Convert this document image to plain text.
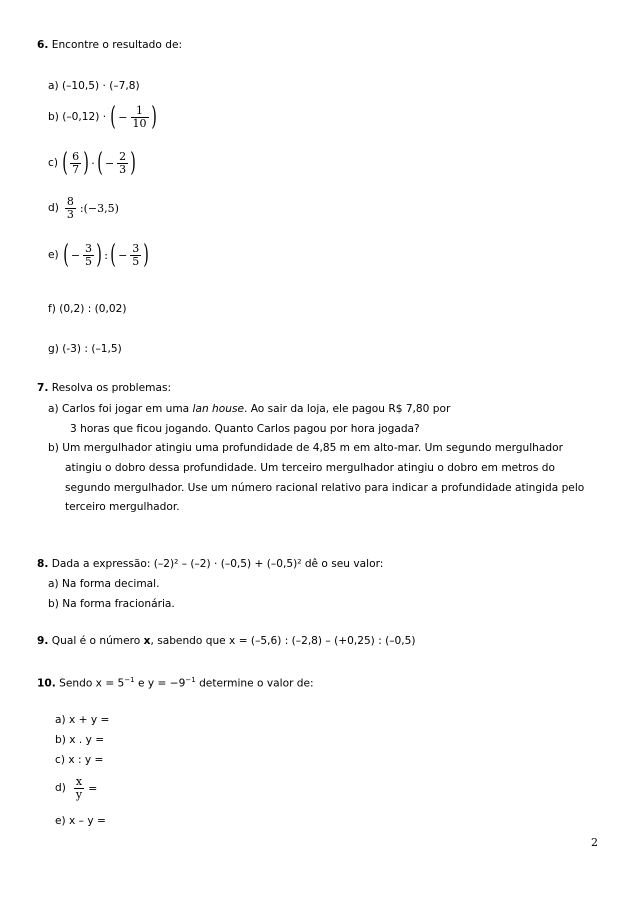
6. Encontre o resultado de:
a) (–10,5) · (–7,8)
b) (–0,12) · ( − $\frac{1}{10}$ )
c) ( $\frac{6}{7}$ ) · ( − $\frac{2}{3}$ )
$d) \frac{8}{3}$ :(−3,5)
e) ( − $\frac{3}{5}$ ) : ( − $\frac{3}{5}$ )
f) (0,2) : (0,02)
g) (-3) : (–1,5)
7. Resolva os problemas:
a) Carlos foi jogar em uma lan house. Ao sair da loja, ele pagou R$ 7,80 por
3 horas que ficou jogando. Quanto Carlos pagou por hora jogada?
b) Um mergulhador atingiu uma profundidade de 4,85 m em alto-mar. Um segundo mergulhador
atingiu o dobro dessa profundidade. Um terceiro mergulhador atingiu o dobro em metros do
segundo mergulhador. Use um número racional relativo para indicar a profundidade atingida pelo
terceiro mergulhador.
8. Dada a expressão: (–2)² – (–2) · (–0,5) + (–0,5)² dê o seu valor:
a) Na forma decimal.
b) Na forma fracionária.
9. Qual é o número x, sabendo que x = (–5,6) : (–2,8) – (+0,25) : (–0,5)
10. Sendo $x = 5^{-1}$ e $y = -9^{-1}$ determine o valor de:
a) x + y =
b) x . y =
c) x : y =
$d) \frac{x}{y}$ =
e) x – y =
2
